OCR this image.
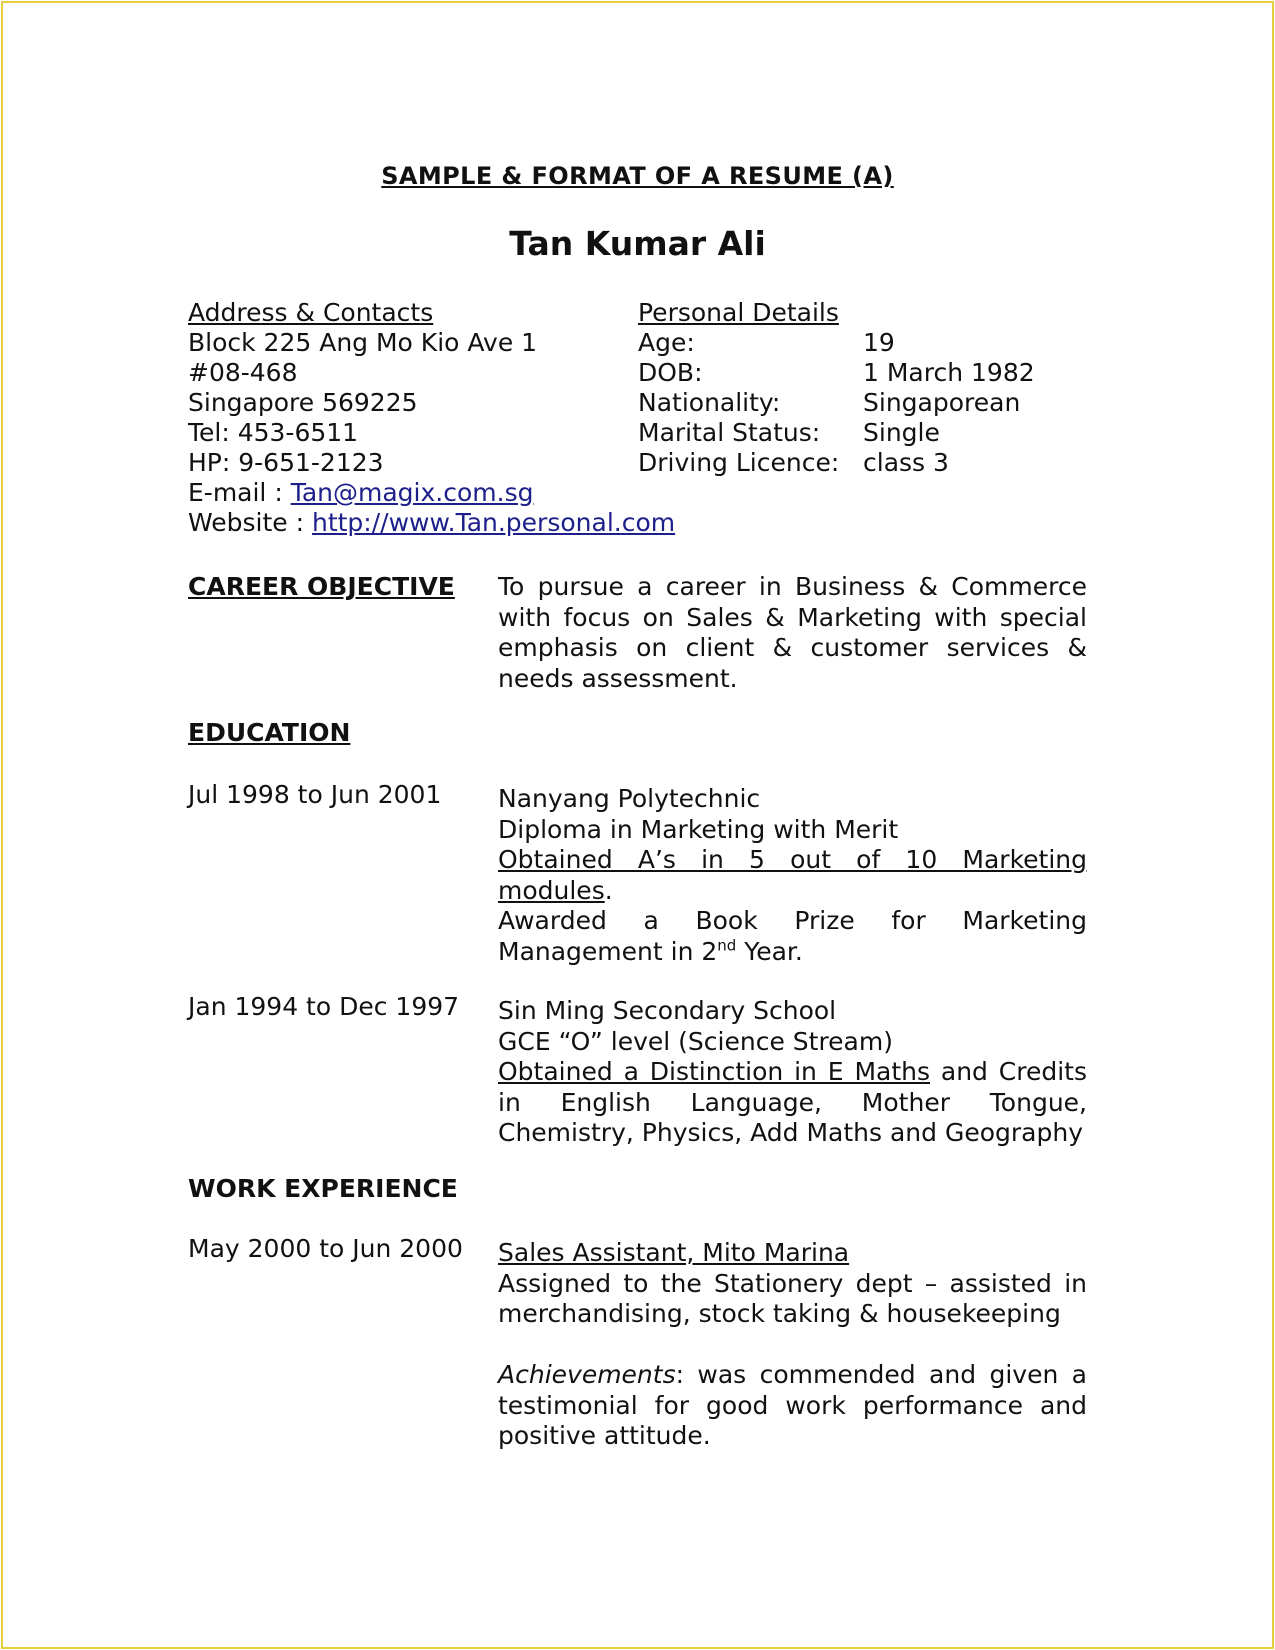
SAMPLE & FORMAT OF A RESUME (A)
Tan Kumar Ali
Address & Contacts
Block 225 Ang Mo Kio Ave 1
#08-468
Singapore 569225
Tel: 453-6511
HP: 9-651-2123
E-mail : Tan@magix.com.sg
Website : http://www.Tan.personal.com
Personal Details
Age:	19
DOB:	1 March 1982
Nationality:	Singaporean
Marital Status: Single
Driving Licence: class 3
CAREER OBJECTIVE To pursue a career in Business & Commerce
with focus on Sales & Marketing with special
emphasis on client & customer services &
needs assessment.
EDUCATION
Jul 1998 to Jun 2001 Nanyang Polytechnic
Diploma in Marketing with Merit
Obtained A’s in 5 out of 10 Marketing
modules.
Awarded a Book Prize for Marketing
Management in 2nd Year.
Jan 1994 to Dec 1997 Sin Ming Secondary School
GCE “O” level (Science Stream)
Obtained a Distinction in E Maths and Credits
in English Language, Mother Tongue,
Chemistry, Physics, Add Maths and Geography
WORK EXPERIENCE
May 2000 to Jun 2000 Sales Assistant, Mito Marina
Assigned to the Stationery dept – assisted in
merchandising, stock taking & housekeeping
Achievements: was commended and given a
testimonial for good work performance and
positive attitude.
